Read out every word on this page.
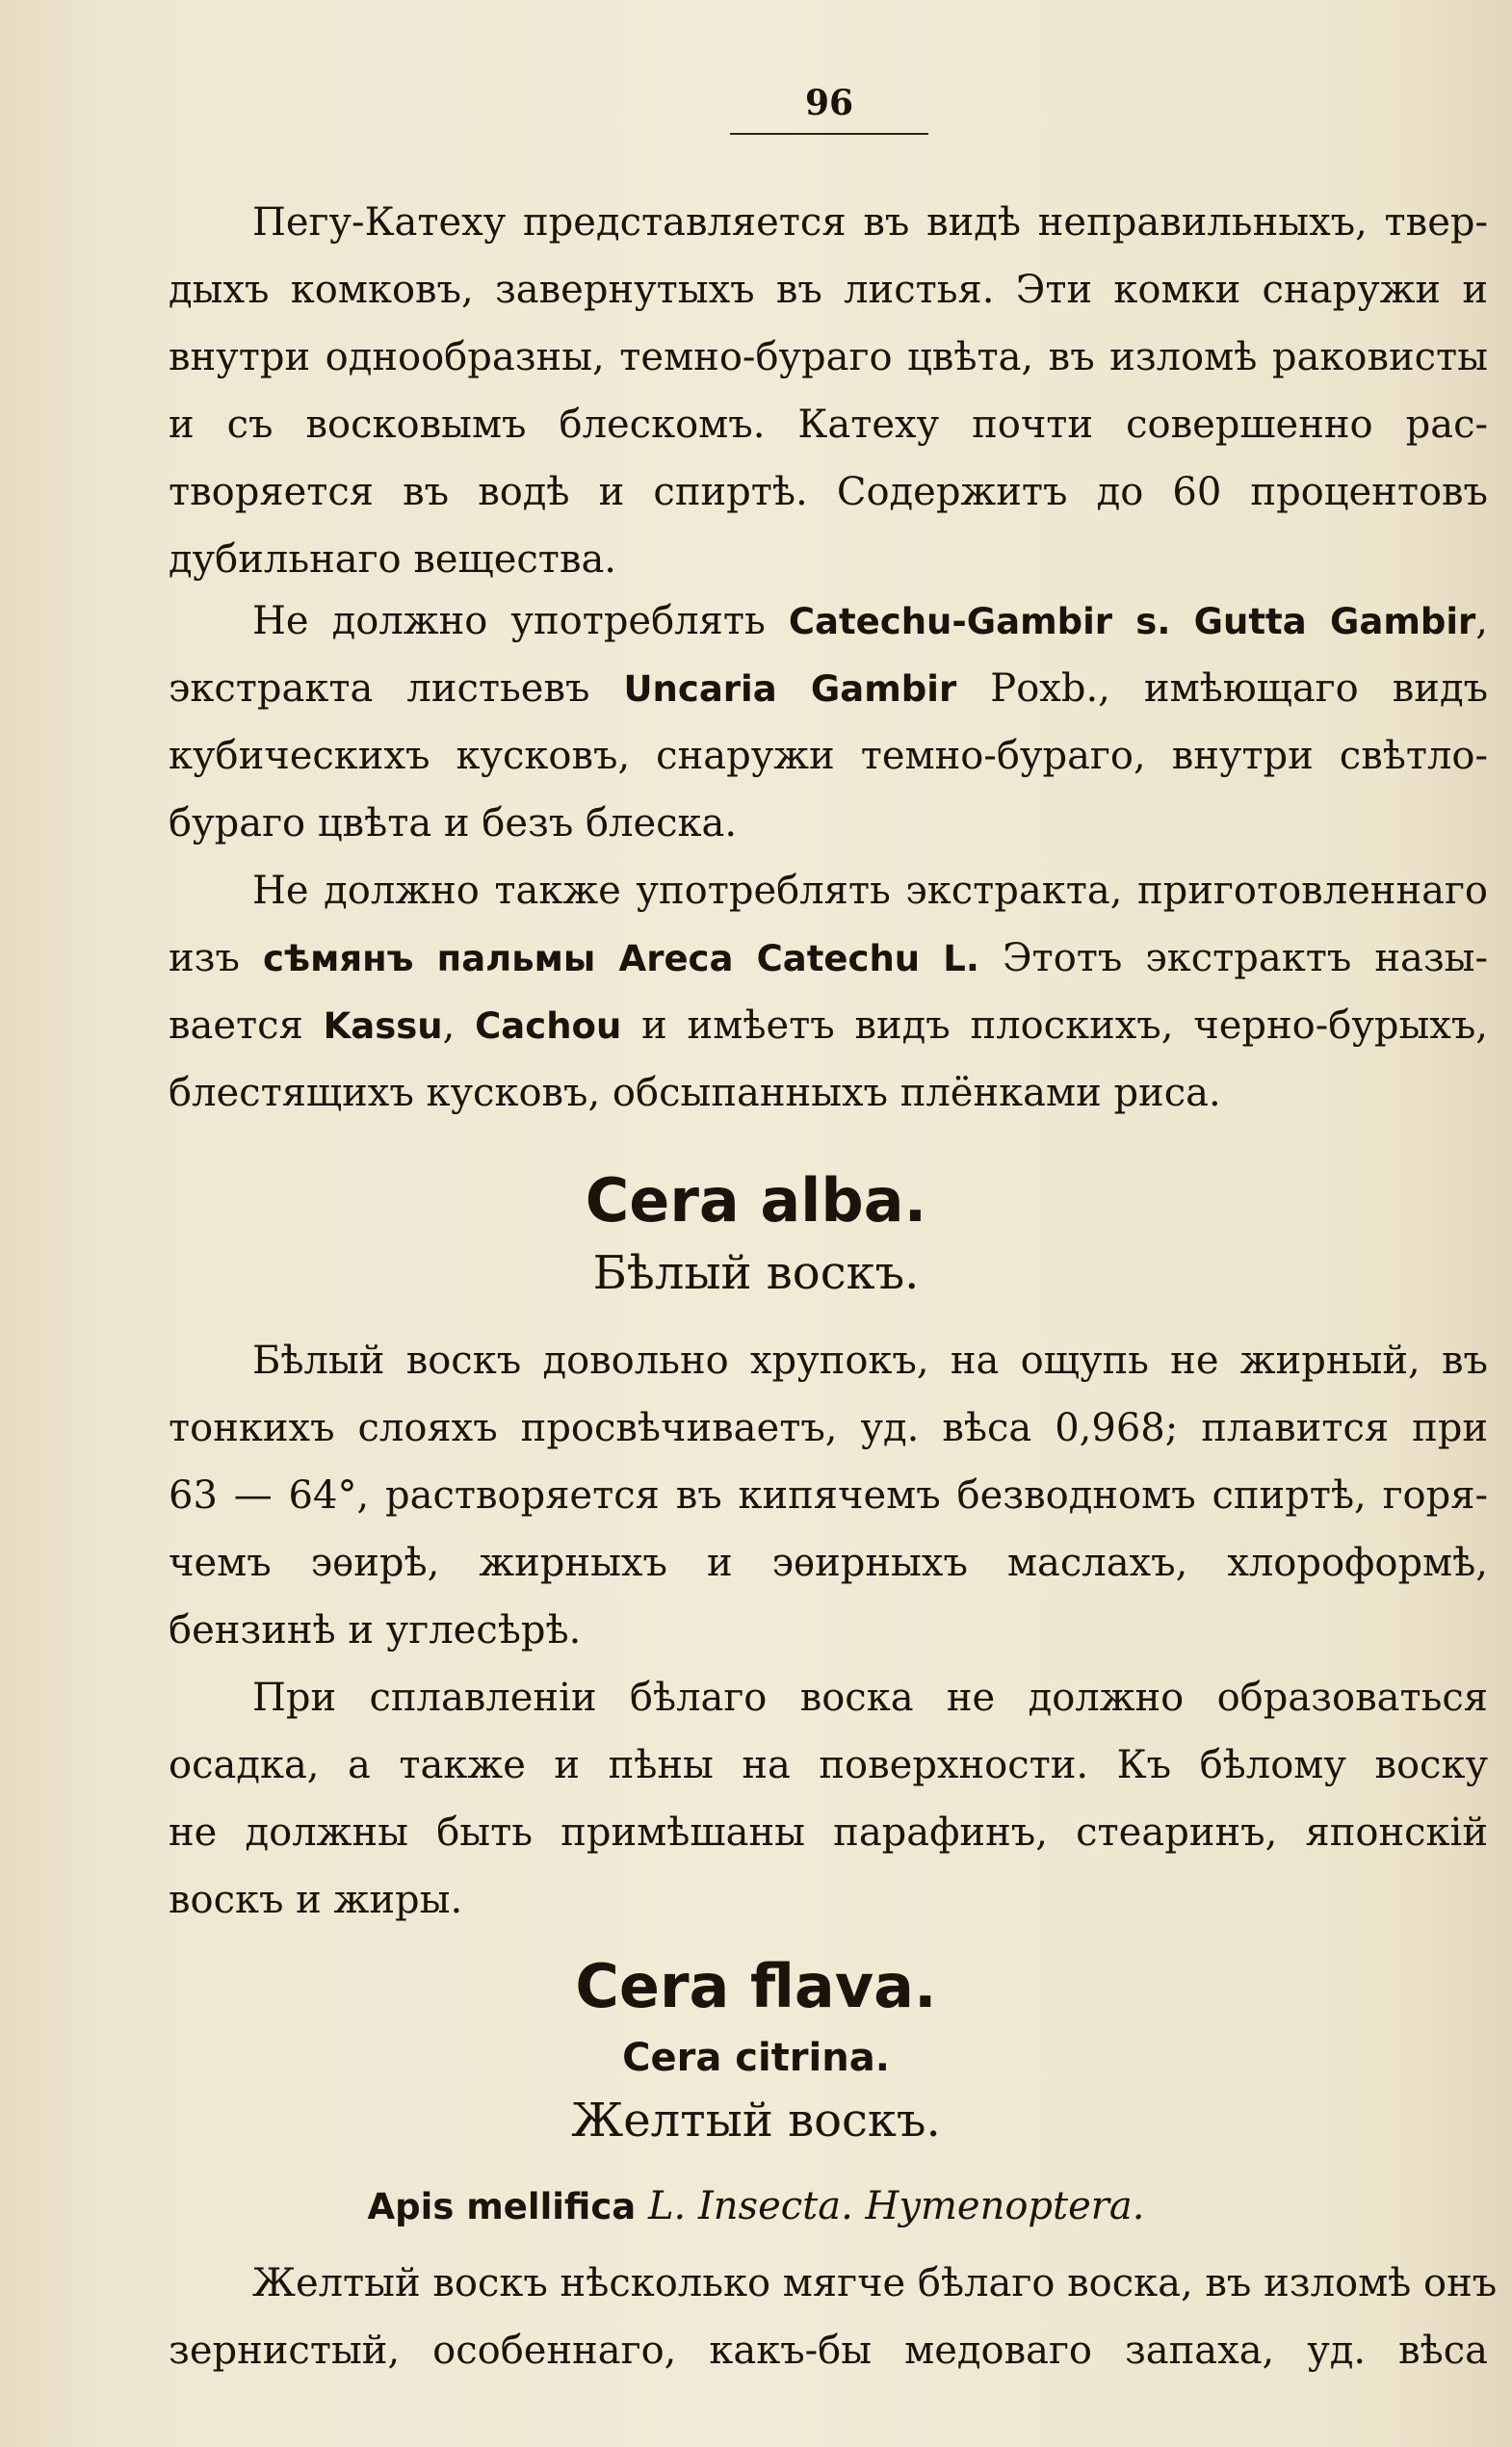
96
Пегу-Катеху представляется въ видѣ неправильныхъ, твер-
дыхъ комковъ, завернутыхъ въ листья. Эти комки снаружи и
внутри однообразны, темно-бураго цвѣта, въ изломѣ раковисты
и съ восковымъ блескомъ. Катеху почти совершенно рас-
творяется въ водѣ и спиртѣ. Содержитъ до 60 процентовъ
дубильнаго вещества.
Не должно употреблять Catechu-Gambir s. Gutta Gambir,
экстракта листьевъ Uncaria Gambir Рохb., имѣющаго видъ
кубическихъ кусковъ, снаружи темно-бураго, внутри свѣтло-
бураго цвѣта и безъ блеска.
Не должно также употреблять экстракта, приготовленнаго
изъ сѣмянъ пальмы Areca Catechu L. Этотъ экстрактъ назы-
вается Kassu, Cachou и имѣетъ видъ плоскихъ, черно-бурыхъ,
блестящихъ кусковъ, обсыпанныхъ плёнками риса.
Cera alba.
Бѣлый воскъ.
Бѣлый воскъ довольно хрупокъ, на ощупь не жирный, въ
тонкихъ слояхъ просвѣчиваетъ, уд. вѣса 0,968; плавится при
63 — 64°, растворяется въ кипячемъ безводномъ спиртѣ, горя-
чемъ эѳирѣ, жирныхъ и эѳирныхъ маслахъ, хлороформѣ,
бензинѣ и углесѣрѣ.
При сплавленіи бѣлаго воска не должно образоваться
осадка, а также и пѣны на поверхности. Къ бѣлому воску
не должны быть примѣшаны парафинъ, стеаринъ, японскій
воскъ и жиры.
Cera flava.
Cera citrina.
Желтый воскъ.
Apis mellifica L. Insecta. Hymenoptera.
Желтый воскъ нѣсколько мягче бѣлаго воска, въ изломѣ онъ
зернистый, особеннаго, какъ-бы медоваго запаха, уд. вѣса
